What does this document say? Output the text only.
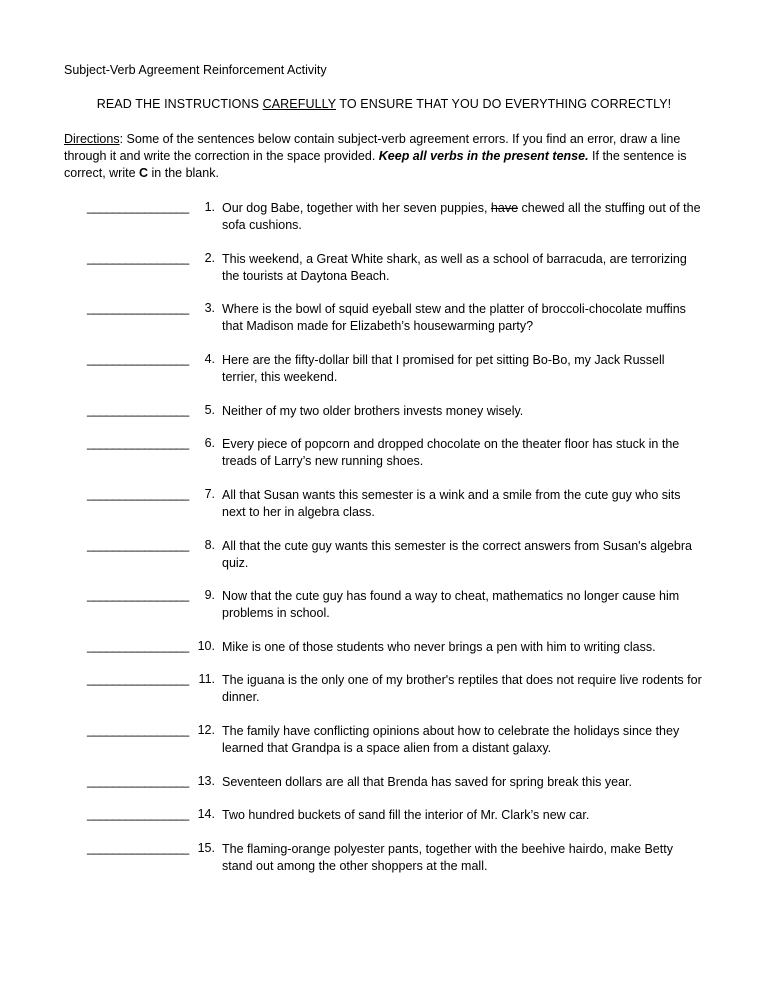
Subject-Verb Agreement Reinforcement Activity
READ THE INSTRUCTIONS CAREFULLY TO ENSURE THAT YOU DO EVERYTHING CORRECTLY!
Directions: Some of the sentences below contain subject-verb agreement errors. If you find an error, draw a line through it and write the correction in the space provided. Keep all verbs in the present tense. If the sentence is correct, write C in the blank.
________________	1. Our dog Babe, together with her seven puppies, have chewed all the stuffing out of the sofa cushions.
________________	2. This weekend, a Great White shark, as well as a school of barracuda, are terrorizing the tourists at Daytona Beach.
________________	3. Where is the bowl of squid eyeball stew and the platter of broccoli-chocolate muffins that Madison made for Elizabeth’s housewarming party?
________________	4. Here are the fifty-dollar bill that I promised for pet sitting Bo-Bo, my Jack Russell terrier, this weekend.
________________	5. Neither of my two older brothers invests money wisely.
________________	6. Every piece of popcorn and dropped chocolate on the theater floor has stuck in the treads of Larry’s new running shoes.
________________	7. All that Susan wants this semester is a wink and a smile from the cute guy who sits next to her in algebra class.
________________	8. All that the cute guy wants this semester is the correct answers from Susan's algebra quiz.
________________	9. Now that the cute guy has found a way to cheat, mathematics no longer cause him problems in school.
________________ 10. Mike is one of those students who never brings a pen with him to writing class.
________________ 11. The iguana is the only one of my brother's reptiles that does not require live rodents for dinner.
________________ 12. The family have conflicting opinions about how to celebrate the holidays since they learned that Grandpa is a space alien from a distant galaxy.
________________ 13. Seventeen dollars are all that Brenda has saved for spring break this year.
________________ 14. Two hundred buckets of sand fill the interior of Mr. Clark’s new car.
________________ 15. The flaming-orange polyester pants, together with the beehive hairdo, make Betty stand out among the other shoppers at the mall.
